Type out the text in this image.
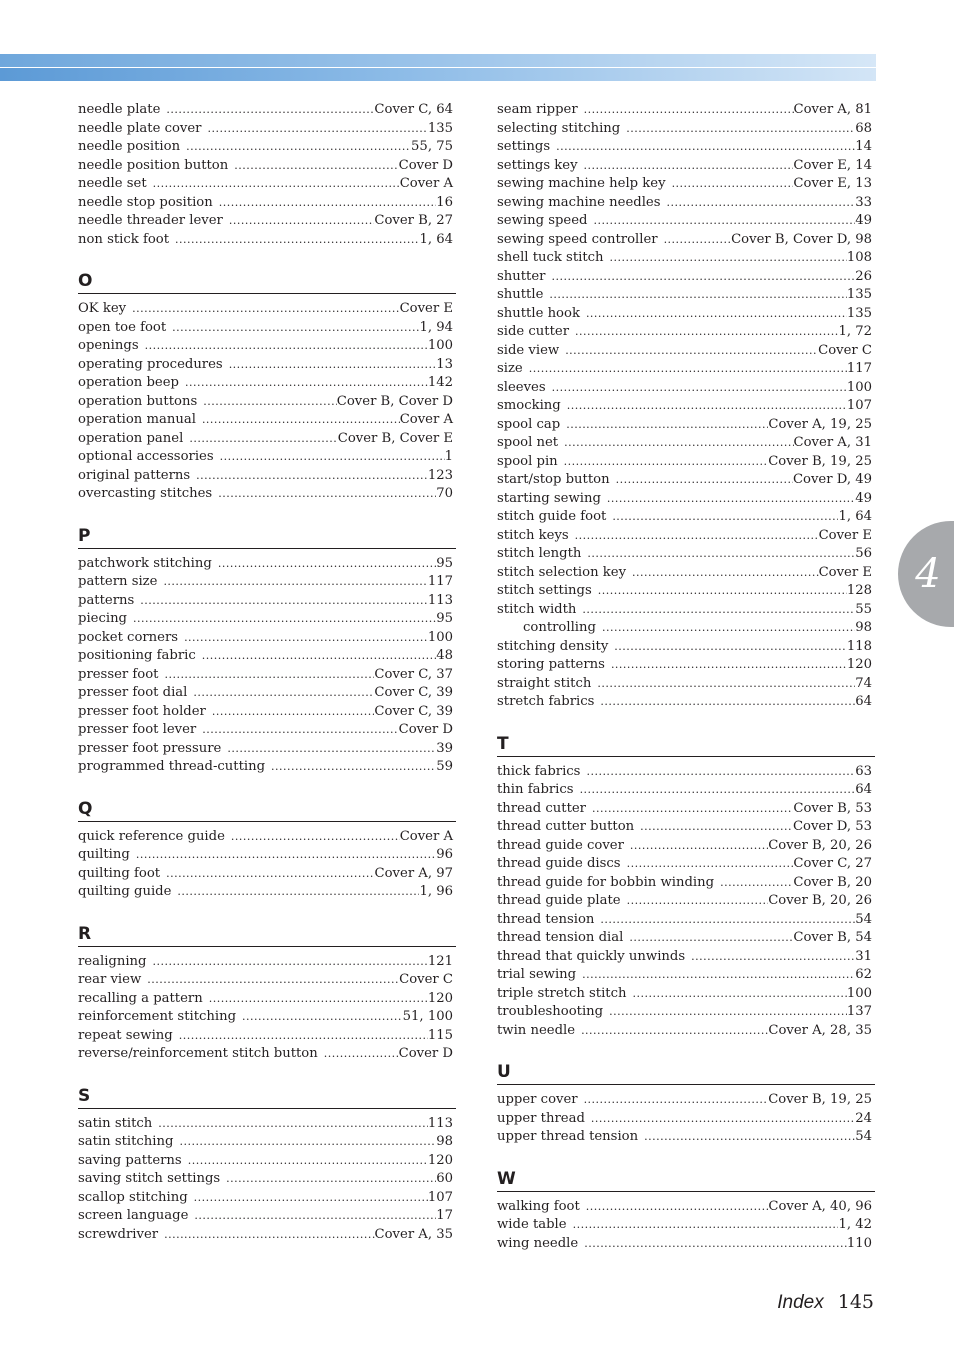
needle plate .....	Cover C, 64
needle plate cover .....	135
needle position .....	55, 75
needle position button .....	Cover D
needle set .....	Cover A
needle stop position .....	16
needle threader lever .....	Cover B, 27
non stick foot .....	1, 64
O
OK key .....	Cover E
open toe foot .....	1, 94
openings .....	100
operating procedures .....	13
operation beep .....	142
operation buttons .....	Cover B, Cover D
operation manual .....	Cover A
operation panel .....	Cover B, Cover E
optional accessories .....	1
original patterns .....	123
overcasting stitches .....	70
P
patchwork stitching .....	95
pattern size .....	117
patterns .....	113
piecing .....	95
pocket corners .....	100
positioning fabric .....	48
presser foot .....	Cover C, 37
presser foot dial .....	Cover C, 39
presser foot holder .....	Cover C, 39
presser foot lever .....	Cover D
presser foot pressure .....	39
programmed thread-cutting .....	59
Q
quick reference guide .....	Cover A
quilting .....	96
quilting foot .....	Cover A, 97
quilting guide .....	1, 96
R
realigning .....	121
rear view .....	Cover C
recalling a pattern .....	120
reinforcement stitching .....	51, 100
repeat sewing .....	115
reverse/reinforcement stitch button .....	Cover D
S
satin stitch .....	113
satin stitching .....	98
saving patterns .....	120
saving stitch settings .....	60
scallop stitching .....	107
screen language .....	17
screwdriver .....	Cover A, 35
seam ripper .....	Cover A, 81
selecting stitching .....	68
settings .....	14
settings key .....	Cover E, 14
sewing machine help key .....	Cover E, 13
sewing machine needles .....	33
sewing speed .....	49
sewing speed controller .....	Cover B, Cover D, 98
shell tuck stitch .....	108
shutter .....	26
shuttle .....	135
shuttle hook .....	135
side cutter .....	1, 72
side view .....	Cover C
size .....	117
sleeves .....	100
smocking .....	107
spool cap .....	Cover A, 19, 25
spool net .....	Cover A, 31
spool pin .....	Cover B, 19, 25
start/stop button .....	Cover D, 49
starting sewing .....	49
stitch guide foot .....	1, 64
stitch keys .....	Cover E
stitch length .....	56
stitch selection key .....	Cover E
stitch settings .....	128
stitch width .....	55
controlling .....	98
stitching density .....	118
storing patterns .....	120
straight stitch .....	74
stretch fabrics .....	64
T
thick fabrics .....	63
thin fabrics .....	64
thread cutter .....	Cover B, 53
thread cutter button .....	Cover D, 53
thread guide cover .....	Cover B, 20, 26
thread guide discs .....	Cover C, 27
thread guide for bobbin winding .....	Cover B, 20
thread guide plate .....	Cover B, 20, 26
thread tension .....	54
thread tension dial .....	Cover B, 54
thread that quickly unwinds .....	31
trial sewing .....	62
triple stretch stitch .....	100
troubleshooting .....	137
twin needle .....	Cover A, 28, 35
U
upper cover .....	Cover B, 19, 25
upper thread .....	24
upper thread tension .....	54
W
walking foot .....	Cover A, 40, 96
wide table .....	1, 42
wing needle .....	110
4
Index 145
